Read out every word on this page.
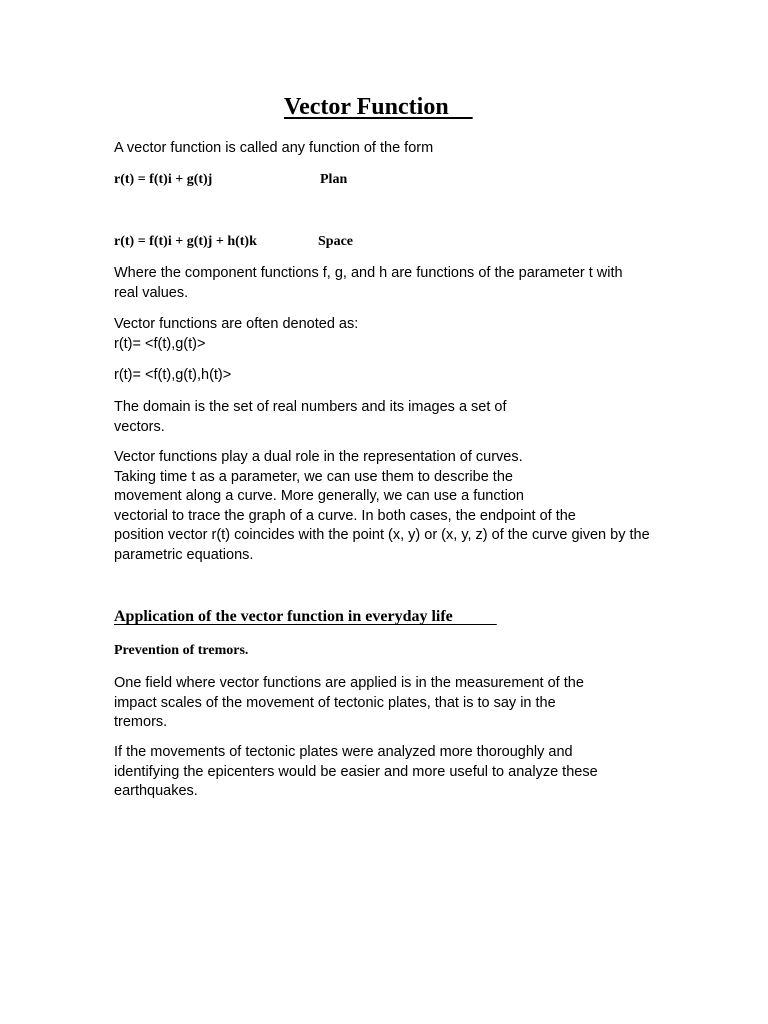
Vector Function
A vector function is called any function of the form
r(t) = f(t)i + g(t)j	Plan
r(t) = f(t)i + g(t)j + h(t)k	Space
Where the component functions f, g, and h are functions of the parameter t with
real values.
Vector functions are often denoted as:
r(t)= <f(t),g(t)>
r(t)= <f(t),g(t),h(t)>
The domain is the set of real numbers and its images a set of
vectors.
Vector functions play a dual role in the representation of curves.
Taking time t as a parameter, we can use them to describe the
movement along a curve. More generally, we can use a function
vectorial to trace the graph of a curve. In both cases, the endpoint of the
position vector r(t) coincides with the point (x, y) or (x, y, z) of the curve given by the
parametric equations.
Application of the vector function in everyday life
Prevention of tremors.
One field where vector functions are applied is in the measurement of the
impact scales of the movement of tectonic plates, that is to say in the
tremors.
If the movements of tectonic plates were analyzed more thoroughly and
identifying the epicenters would be easier and more useful to analyze these
earthquakes.
